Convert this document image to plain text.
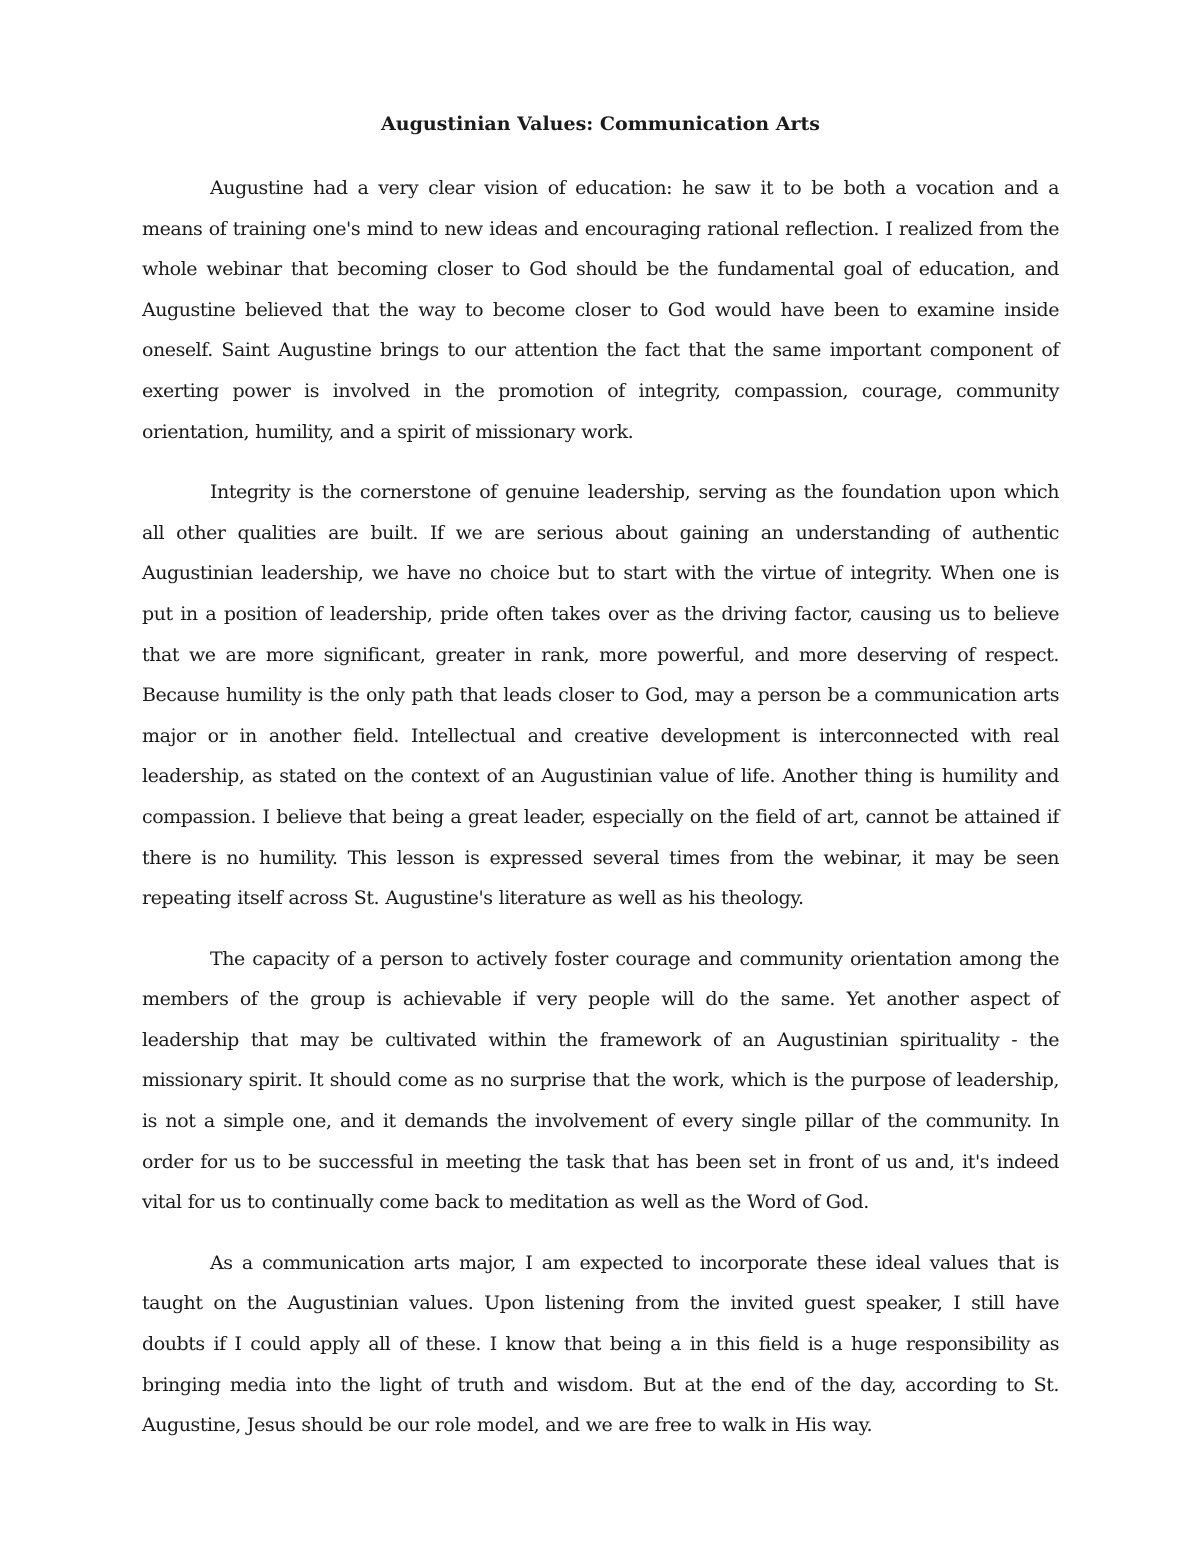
Augustinian Values: Communication Arts

Augustine had a very clear vision of education: he saw it to be both a vocation and a means of training one's mind to new ideas and encouraging rational reflection. I realized from the whole webinar that becoming closer to God should be the fundamental goal of education, and Augustine believed that the way to become closer to God would have been to examine inside oneself. Saint Augustine brings to our attention the fact that the same important component of exerting power is involved in the promotion of integrity, compassion, courage, community orientation, humility, and a spirit of missionary work.

Integrity is the cornerstone of genuine leadership, serving as the foundation upon which all other qualities are built. If we are serious about gaining an understanding of authentic Augustinian leadership, we have no choice but to start with the virtue of integrity. When one is put in a position of leadership, pride often takes over as the driving factor, causing us to believe that we are more significant, greater in rank, more powerful, and more deserving of respect. Because humility is the only path that leads closer to God, may a person be a communication arts major or in another field. Intellectual and creative development is interconnected with real leadership, as stated on the context of an Augustinian value of life. Another thing is humility and compassion. I believe that being a great leader, especially on the field of art, cannot be attained if there is no humility. This lesson is expressed several times from the webinar, it may be seen repeating itself across St. Augustine's literature as well as his theology.

The capacity of a person to actively foster courage and community orientation among the members of the group is achievable if very people will do the same. Yet another aspect of leadership that may be cultivated within the framework of an Augustinian spirituality - the missionary spirit. It should come as no surprise that the work, which is the purpose of leadership, is not a simple one, and it demands the involvement of every single pillar of the community. In order for us to be successful in meeting the task that has been set in front of us and, it's indeed vital for us to continually come back to meditation as well as the Word of God.

As a communication arts major, I am expected to incorporate these ideal values that is taught on the Augustinian values. Upon listening from the invited guest speaker, I still have doubts if I could apply all of these. I know that being a in this field is a huge responsibility as bringing media into the light of truth and wisdom. But at the end of the day, according to St. Augustine, Jesus should be our role model, and we are free to walk in His way.
